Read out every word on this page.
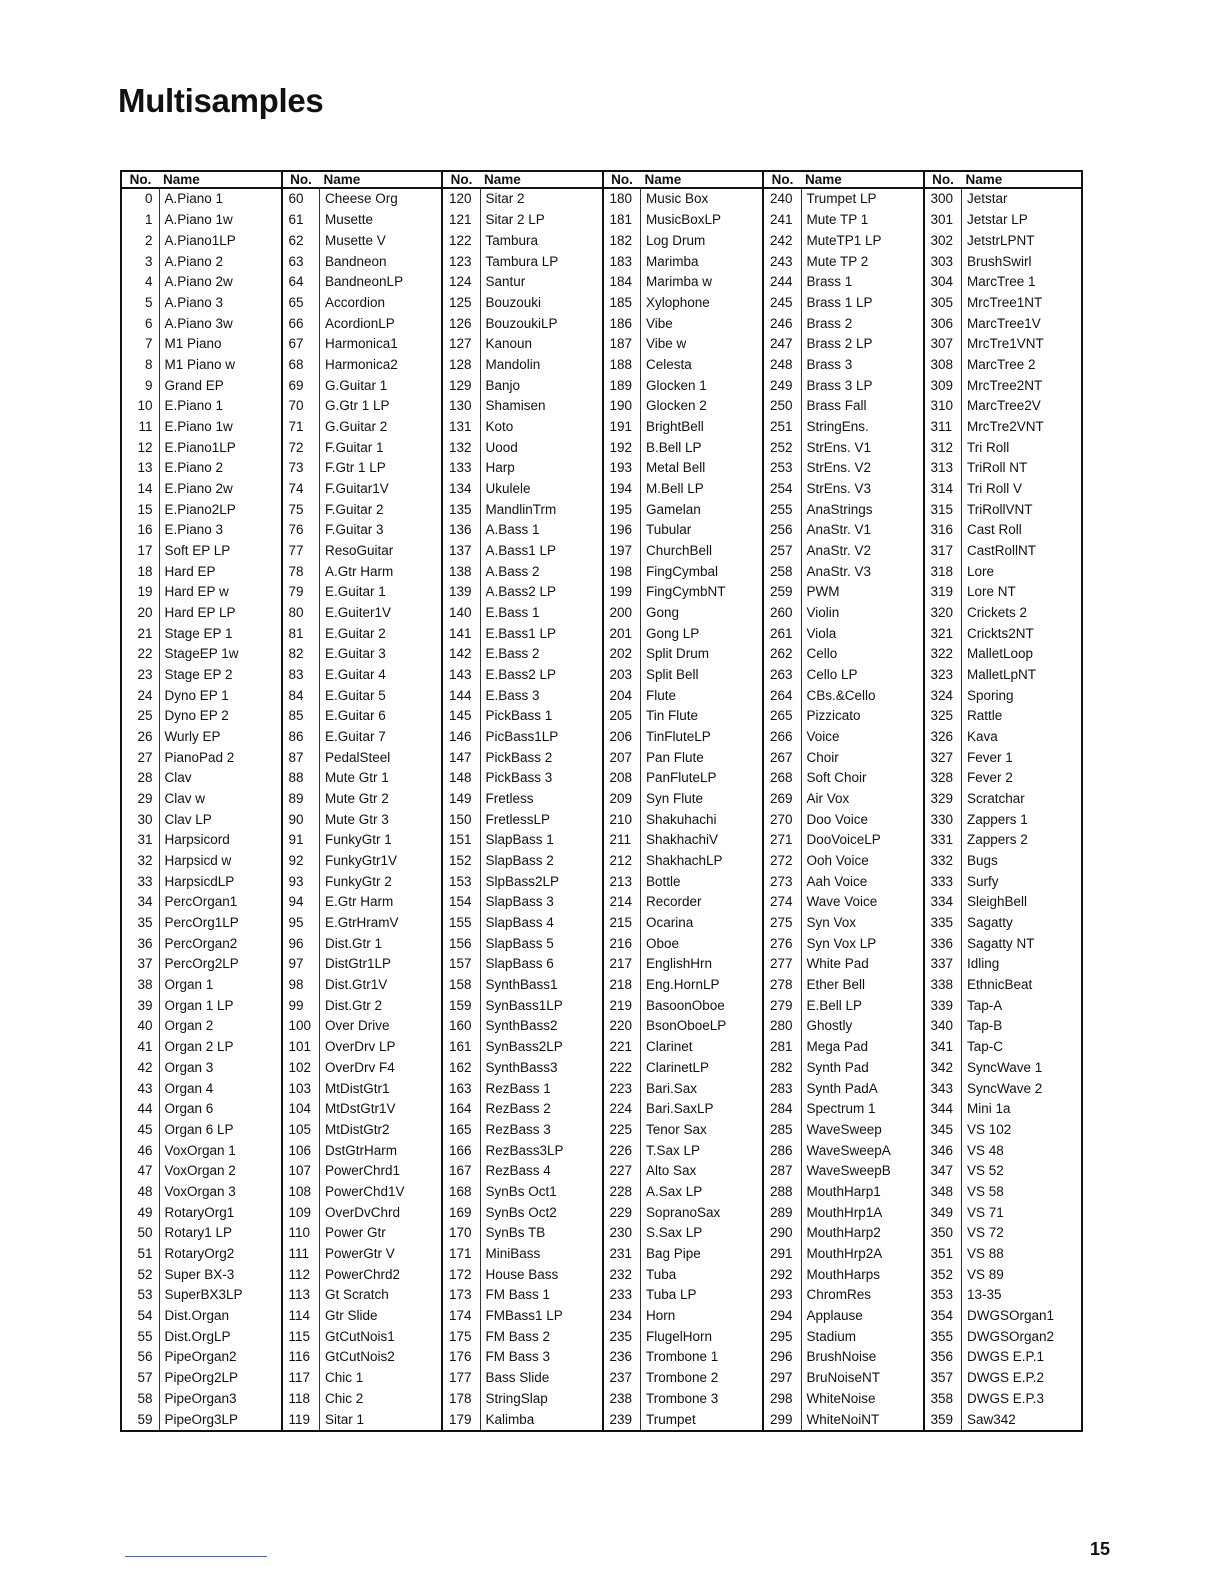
Multisamples
No.	Name
0	A.Piano 1
1	A.Piano 1w
2	A.Piano1LP
3	A.Piano 2
4	A.Piano 2w
5	A.Piano 3
6	A.Piano 3w
7	M1 Piano
8	M1 Piano w
9	Grand EP
10	E.Piano 1
11	E.Piano 1w
12	E.Piano1LP
13	E.Piano 2
14	E.Piano 2w
15	E.Piano2LP
16	E.Piano 3
17	Soft EP LP
18	Hard EP
19	Hard EP w
20	Hard EP LP
21	Stage EP 1
22	StageEP 1w
23	Stage EP 2
24	Dyno EP 1
25	Dyno EP 2
26	Wurly EP
27	PianoPad 2
28	Clav
29	Clav w
30	Clav LP
31	Harpsicord
32	Harpsicd w
33	HarpsicdLP
34	PercOrgan1
35	PercOrg1LP
36	PercOrgan2
37	PercOrg2LP
38	Organ 1
39	Organ 1 LP
40	Organ 2
41	Organ 2 LP
42	Organ 3
43	Organ 4
44	Organ 6
45	Organ 6 LP
46	VoxOrgan 1
47	VoxOrgan 2
48	VoxOrgan 3
49	RotaryOrg1
50	Rotary1 LP
51	RotaryOrg2
52	Super BX-3
53	SuperBX3LP
54	Dist.Organ
55	Dist.OrgLP
56	PipeOrgan2
57	PipeOrg2LP
58	PipeOrgan3
59	PipeOrg3LP
No.	Name
60	Cheese Org
61	Musette
62	Musette V
63	Bandneon
64	BandneonLP
65	Accordion
66	AcordionLP
67	Harmonica1
68	Harmonica2
69	G.Guitar 1
70	G.Gtr 1 LP
71	G.Guitar 2
72	F.Guitar 1
73	F.Gtr 1 LP
74	F.Guitar1V
75	F.Guitar 2
76	F.Guitar 3
77	ResoGuitar
78	A.Gtr Harm
79	E.Guitar 1
80	E.Guiter1V
81	E.Guitar 2
82	E.Guitar 3
83	E.Guitar 4
84	E.Guitar 5
85	E.Guitar 6
86	E.Guitar 7
87	PedalSteel
88	Mute Gtr 1
89	Mute Gtr 2
90	Mute Gtr 3
91	FunkyGtr 1
92	FunkyGtr1V
93	FunkyGtr 2
94	E.Gtr Harm
95	E.GtrHramV
96	Dist.Gtr 1
97	DistGtr1LP
98	Dist.Gtr1V
99	Dist.Gtr 2
100	Over Drive
101	OverDrv LP
102	OverDrv F4
103	MtDistGtr1
104	MtDstGtr1V
105	MtDistGtr2
106	DstGtrHarm
107	PowerChrd1
108	PowerChd1V
109	OverDvChrd
110	Power Gtr
111	PowerGtr V
112	PowerChrd2
113	Gt Scratch
114	Gtr Slide
115	GtCutNois1
116	GtCutNois2
117	Chic 1
118	Chic 2
119	Sitar 1
No.	Name
120	Sitar 2
121	Sitar 2 LP
122	Tambura
123	Tambura LP
124	Santur
125	Bouzouki
126	BouzoukiLP
127	Kanoun
128	Mandolin
129	Banjo
130	Shamisen
131	Koto
132	Uood
133	Harp
134	Ukulele
135	MandlinTrm
136	A.Bass 1
137	A.Bass1 LP
138	A.Bass 2
139	A.Bass2 LP
140	E.Bass 1
141	E.Bass1 LP
142	E.Bass 2
143	E.Bass2 LP
144	E.Bass 3
145	PickBass 1
146	PicBass1LP
147	PickBass 2
148	PickBass 3
149	Fretless
150	FretlessLP
151	SlapBass 1
152	SlapBass 2
153	SlpBass2LP
154	SlapBass 3
155	SlapBass 4
156	SlapBass 5
157	SlapBass 6
158	SynthBass1
159	SynBass1LP
160	SynthBass2
161	SynBass2LP
162	SynthBass3
163	RezBass 1
164	RezBass 2
165	RezBass 3
166	RezBass3LP
167	RezBass 4
168	SynBs Oct1
169	SynBs Oct2
170	SynBs TB
171	MiniBass
172	House Bass
173	FM Bass 1
174	FMBass1 LP
175	FM Bass 2
176	FM Bass 3
177	Bass Slide
178	StringSlap
179	Kalimba
No.	Name
180	Music Box
181	MusicBoxLP
182	Log Drum
183	Marimba
184	Marimba w
185	Xylophone
186	Vibe
187	Vibe w
188	Celesta
189	Glocken 1
190	Glocken 2
191	BrightBell
192	B.Bell LP
193	Metal Bell
194	M.Bell LP
195	Gamelan
196	Tubular
197	ChurchBell
198	FingCymbal
199	FingCymbNT
200	Gong
201	Gong LP
202	Split Drum
203	Split Bell
204	Flute
205	Tin Flute
206	TinFluteLP
207	Pan Flute
208	PanFluteLP
209	Syn Flute
210	Shakuhachi
211	ShakhachiV
212	ShakhachLP
213	Bottle
214	Recorder
215	Ocarina
216	Oboe
217	EnglishHrn
218	Eng.HornLP
219	BasoonOboe
220	BsonOboeLP
221	Clarinet
222	ClarinetLP
223	Bari.Sax
224	Bari.SaxLP
225	Tenor Sax
226	T.Sax LP
227	Alto Sax
228	A.Sax LP
229	SopranoSax
230	S.Sax LP
231	Bag Pipe
232	Tuba
233	Tuba LP
234	Horn
235	FlugelHorn
236	Trombone 1
237	Trombone 2
238	Trombone 3
239	Trumpet
No.	Name
240	Trumpet LP
241	Mute TP 1
242	MuteTP1 LP
243	Mute TP 2
244	Brass 1
245	Brass 1 LP
246	Brass 2
247	Brass 2 LP
248	Brass 3
249	Brass 3 LP
250	Brass Fall
251	StringEns.
252	StrEns. V1
253	StrEns. V2
254	StrEns. V3
255	AnaStrings
256	AnaStr. V1
257	AnaStr. V2
258	AnaStr. V3
259	PWM
260	Violin
261	Viola
262	Cello
263	Cello LP
264	CBs.&Cello
265	Pizzicato
266	Voice
267	Choir
268	Soft Choir
269	Air Vox
270	Doo Voice
271	DooVoiceLP
272	Ooh Voice
273	Aah Voice
274	Wave Voice
275	Syn Vox
276	Syn Vox LP
277	White Pad
278	Ether Bell
279	E.Bell LP
280	Ghostly
281	Mega Pad
282	Synth Pad
283	Synth PadA
284	Spectrum 1
285	WaveSweep
286	WaveSweepA
287	WaveSweepB
288	MouthHarp1
289	MouthHrp1A
290	MouthHarp2
291	MouthHrp2A
292	MouthHarps
293	ChromRes
294	Applause
295	Stadium
296	BrushNoise
297	BruNoiseNT
298	WhiteNoise
299	WhiteNoiNT
No.	Name
300	Jetstar
301	Jetstar LP
302	JetstrLPNT
303	BrushSwirl
304	MarcTree 1
305	MrcTree1NT
306	MarcTree1V
307	MrcTre1VNT
308	MarcTree 2
309	MrcTree2NT
310	MarcTree2V
311	MrcTre2VNT
312	Tri Roll
313	TriRoll NT
314	Tri Roll V
315	TriRollVNT
316	Cast Roll
317	CastRollNT
318	Lore
319	Lore NT
320	Crickets 2
321	Crickts2NT
322	MalletLoop
323	MalletLpNT
324	Sporing
325	Rattle
326	Kava
327	Fever 1
328	Fever 2
329	Scratchar
330	Zappers 1
331	Zappers 2
332	Bugs
333	Surfy
334	SleighBell
335	Sagatty
336	Sagatty NT
337	Idling
338	EthnicBeat
339	Tap-A
340	Tap-B
341	Tap-C
342	SyncWave 1
343	SyncWave 2
344	Mini 1a
345	VS 102
346	VS 48
347	VS 52
348	VS 58
349	VS 71
350	VS 72
351	VS 88
352	VS 89
353	13-35
354	DWGSOrgan1
355	DWGSOrgan2
356	DWGS E.P.1
357	DWGS E.P.2
358	DWGS E.P.3
359	Saw342
15
